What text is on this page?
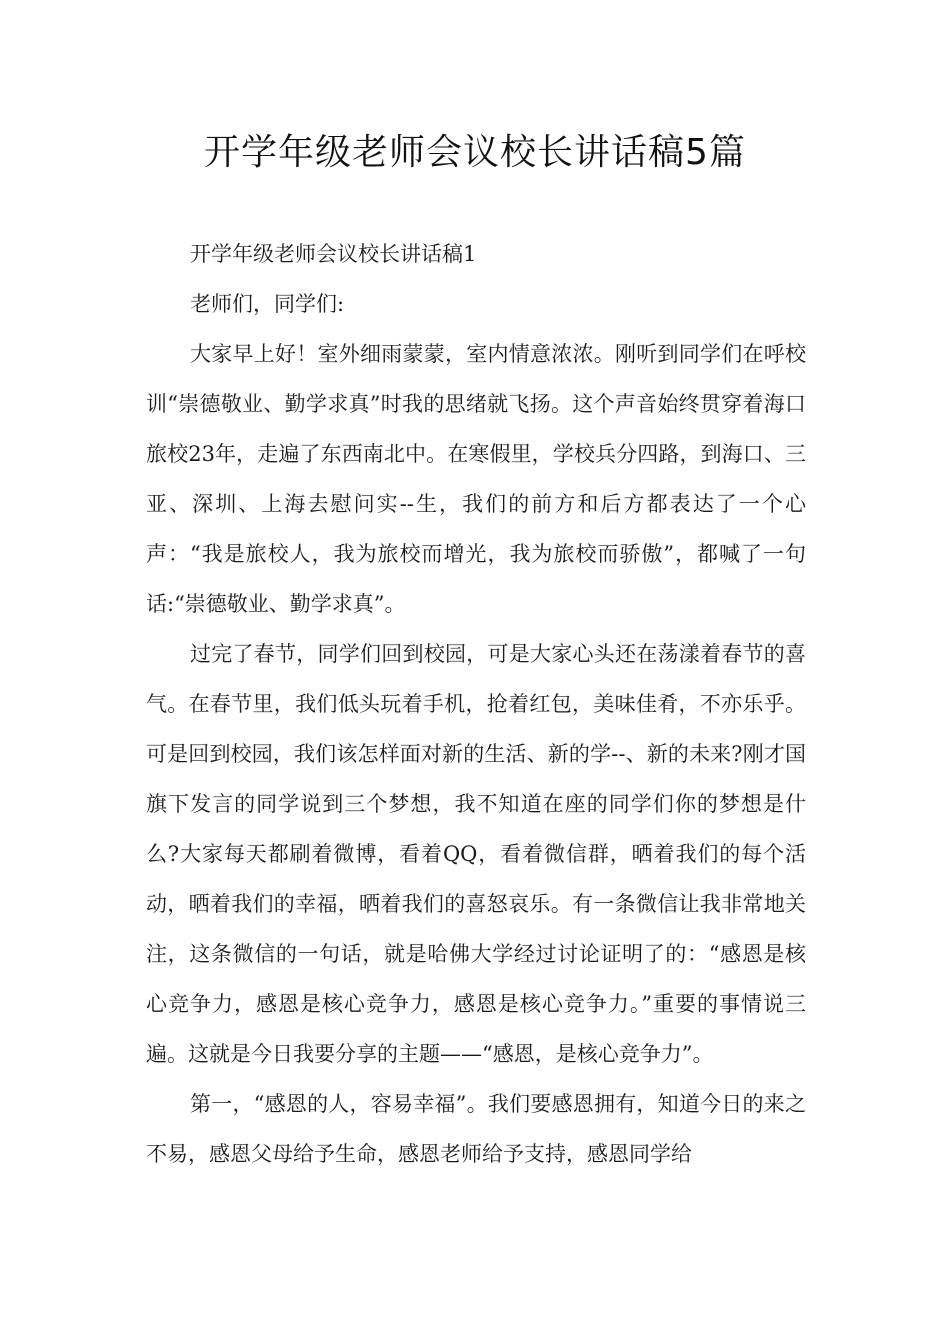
开学年级老师会议校长讲话稿5篇

开学年级老师会议校长讲话稿1

老师们，同学们:

大家早上好！室外细雨蒙蒙，室内情意浓浓。刚听到同学们在呼校训“崇德敬业、勤学求真”时我的思绪就飞扬。这个声音始终贯穿着海口旅校23年，走遍了东西南北中。在寒假里，学校兵分四路，到海口、三亚、深圳、上海去慰问实--生，我们的前方和后方都表达了一个心声：“我是旅校人，我为旅校而增光，我为旅校而骄傲”，都喊了一句话:“崇德敬业、勤学求真”。

过完了春节，同学们回到校园，可是大家心头还在荡漾着春节的喜气。在春节里，我们低头玩着手机，抢着红包，美味佳肴，不亦乐乎。可是回到校园，我们该怎样面对新的生活、新的学--、新的未来?刚才国旗下发言的同学说到三个梦想，我不知道在座的同学们你的梦想是什么?大家每天都刷着微博，看着QQ，看着微信群，晒着我们的每个活动，晒着我们的幸福，晒着我们的喜怒哀乐。有一条微信让我非常地关注，这条微信的一句话，就是哈佛大学经过讨论证明了的：“感恩是核心竞争力，感恩是核心竞争力，感恩是核心竞争力。”重要的事情说三遍。这就是今日我要分享的主题——“感恩，是核心竞争力”。

第一，“感恩的人，容易幸福”。我们要感恩拥有，知道今日的来之不易，感恩父母给予生命，感恩老师给予支持，感恩同学给
